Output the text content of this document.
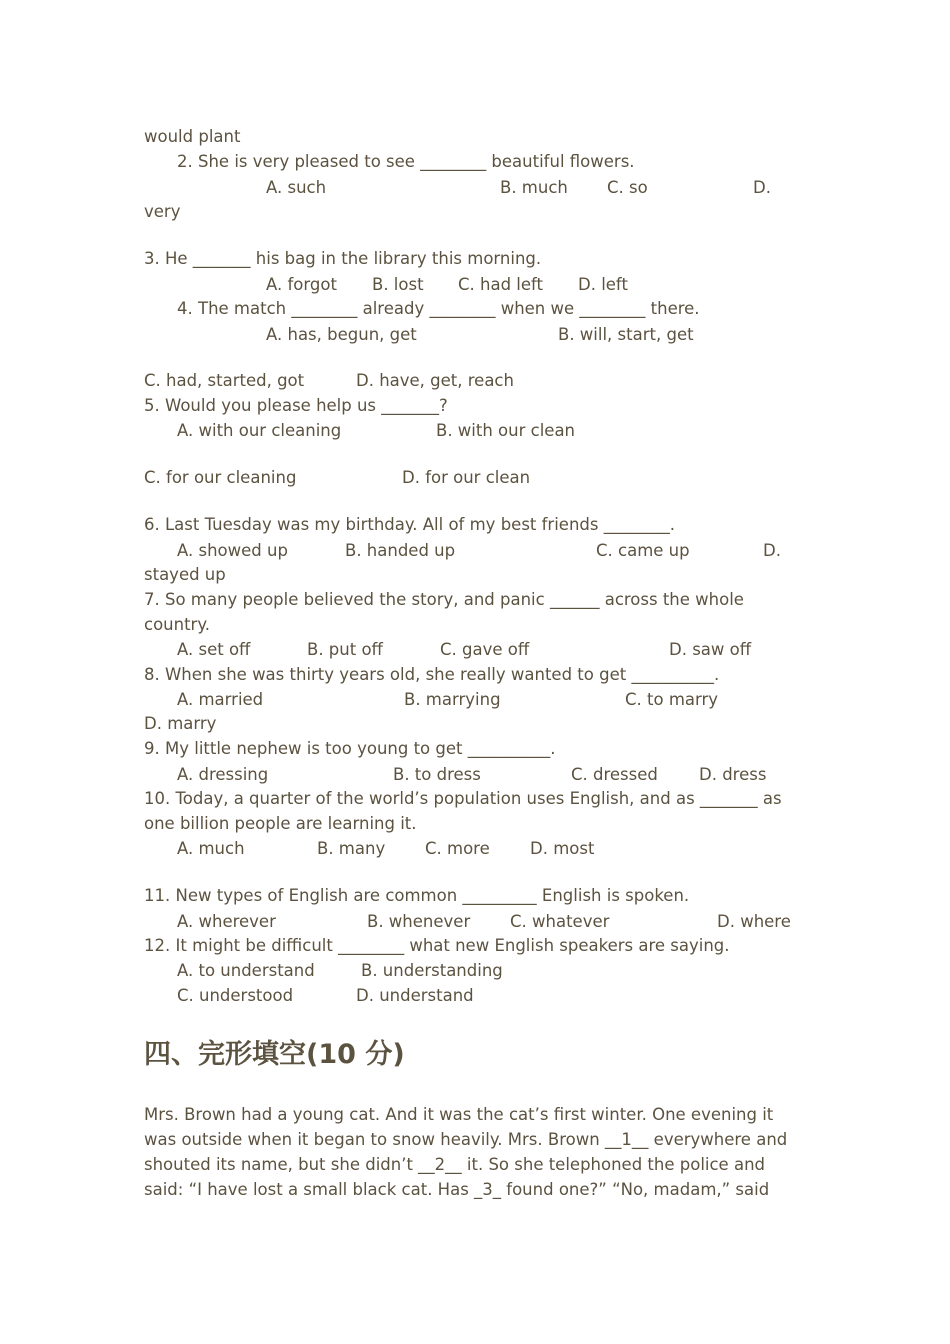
would plant
2. She is very pleased to see ________ beautiful flowers.
A. such	B. much C. so	D.
very
3. He _______ his bag in the library this morning.
A. forgot B. lost C. had left D. left
4. The match ________ already ________ when we ________ there.
A. has, begun, get	B. will, start, get
C. had, started, got	D. have, get, reach
5. Would you please help us _______?
A. with our cleaning	B. with our clean
C. for our cleaning	D. for our clean
6. Last Tuesday was my birthday. All of my best friends ________.
A. showed up	B. handed up	C. came up	D.
stayed up
7. So many people believed the story, and panic ______ across the whole
country.
A. set off	B. put off	C. gave off	D. saw off
8. When she was thirty years old, she really wanted to get __________.
A. married	B. marrying	C. to marry
D. marry
9. My little nephew is too young to get __________.
A. dressing	B. to dress	C. dressed D. dress
10. Today, a quarter of the world’s population uses English, and as _______ as
one billion people are learning it.
A. much	B. many C. more D. most
11. New types of English are common _________ English is spoken.
A. wherever	B. whenever C. whatever	D. where
12. It might be difficult ________ what new English speakers are saying.
A. to understand	B. understanding
C. understood	D. understand
四、完形填空(10 分)
Mrs. Brown had a young cat. And it was the cat’s first winter. One evening it
was outside when it began to snow heavily. Mrs. Brown __1__ everywhere and
shouted its name, but she didn’t __2__ it. So she telephoned the police and
said: “I have lost a small black cat. Has _3_ found one?” “No, madam,” said
